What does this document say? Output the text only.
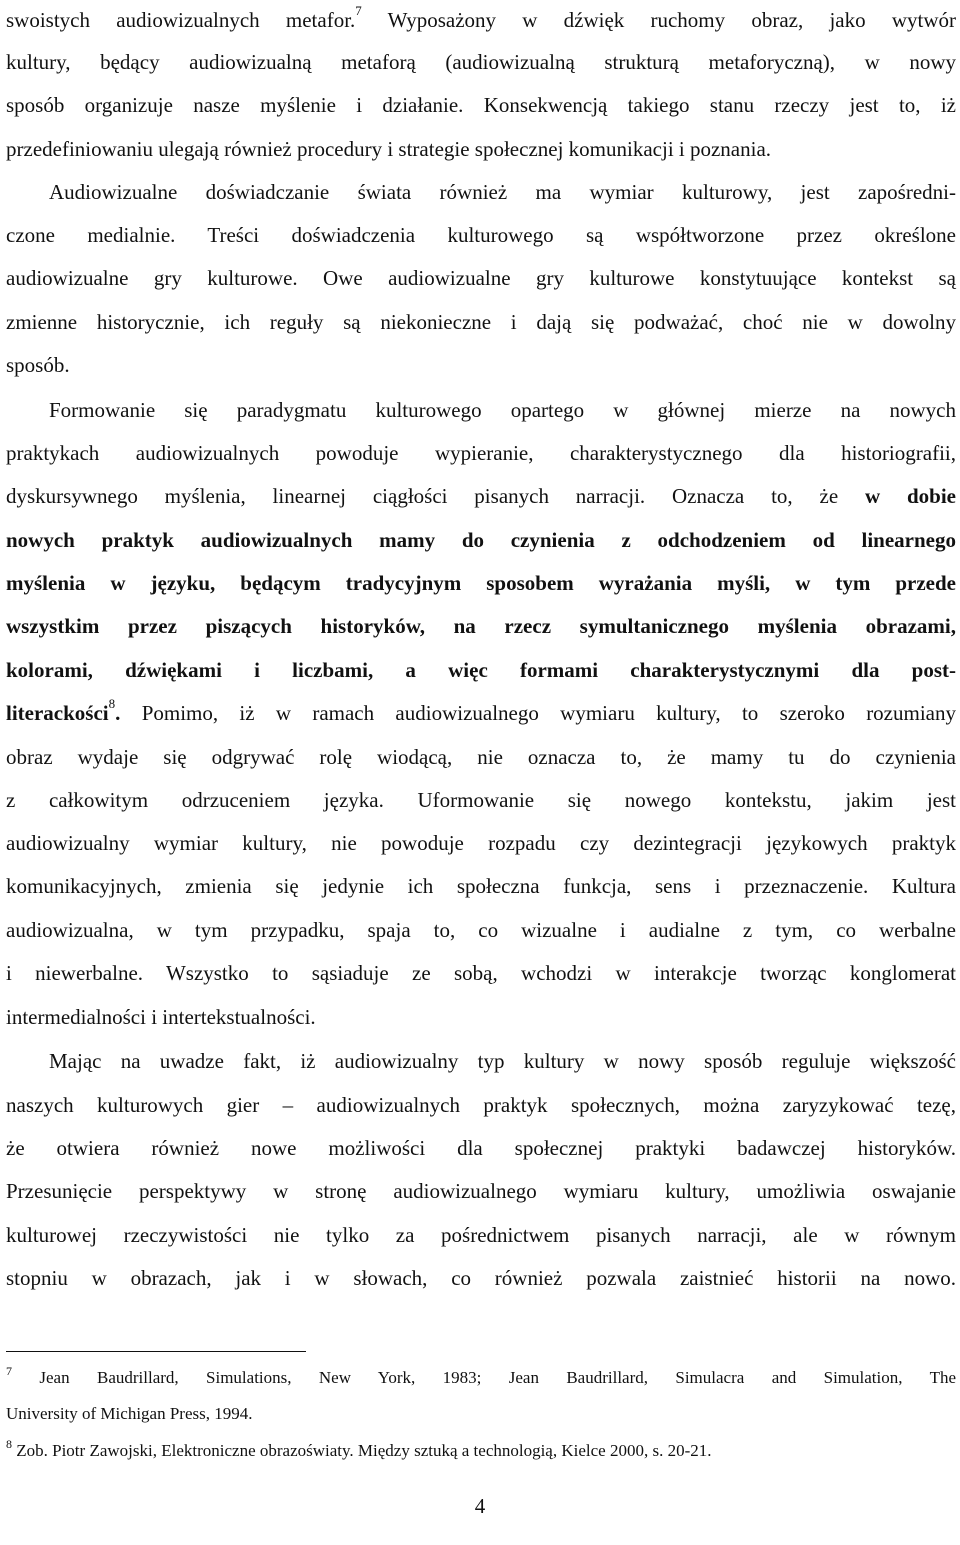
swoistych audiowizualnych metafor.$^7$ Wyposażony w dźwięk ruchomy obraz, jako wytwór
kultury, będący audiowizualną metaforą (audiowizualną strukturą metaforyczną), w nowy
sposób organizuje nasze myślenie i działanie. Konsekwencją takiego stanu rzeczy jest to, iż
przedefiniowaniu ulegają również procedury i strategie społecznej komunikacji i poznania.
Audiowizualne doświadczanie świata również ma wymiar kulturowy, jest zapośredni-
czone medialnie. Treści doświadczenia kulturowego są współtworzone przez określone
audiowizualne gry kulturowe. Owe audiowizualne gry kulturowe konstytuujące kontekst są
zmienne historycznie, ich reguły są niekonieczne i dają się podważać, choć nie w dowolny
sposób.
Formowanie się paradygmatu kulturowego opartego w głównej mierze na nowych
praktykach audiowizualnych powoduje wypieranie, charakterystycznego dla historiografii,
dyskursywnego myślenia, linearnej ciągłości pisanych narracji. Oznacza to, że w dobie
nowych praktyk audiowizualnych mamy do czynienia z odchodzeniem od linearnego
myślenia w języku, będącym tradycyjnym sposobem wyrażania myśli, w tym przede
wszystkim przez piszących historyków, na rzecz symultanicznego myślenia obrazami,
kolorami, dźwiękami i liczbami, a więc formami charakterystycznymi dla post-
literackości$^8$. Pomimo, iż w ramach audiowizualnego wymiaru kultury, to szeroko rozumiany
obraz wydaje się odgrywać rolę wiodącą, nie oznacza to, że mamy tu do czynienia
z całkowitym odrzuceniem języka. Uformowanie się nowego kontekstu, jakim jest
audiowizualny wymiar kultury, nie powoduje rozpadu czy dezintegracji językowych praktyk
komunikacyjnych, zmienia się jedynie ich społeczna funkcja, sens i przeznaczenie. Kultura
audiowizualna, w tym przypadku, spaja to, co wizualne i audialne z tym, co werbalne
i niewerbalne. Wszystko to sąsiaduje ze sobą, wchodzi w interakcje tworząc konglomerat
intermedialności i intertekstualności.
Mając na uwadze fakt, iż audiowizualny typ kultury w nowy sposób reguluje większość
naszych kulturowych gier – audiowizualnych praktyk społecznych, można zaryzykować tezę,
że otwiera również nowe możliwości dla społecznej praktyki badawczej historyków.
Przesunięcie perspektywy w stronę audiowizualnego wymiaru kultury, umożliwia oswajanie
kulturowej rzeczywistości nie tylko za pośrednictwem pisanych narracji, ale w równym
stopniu w obrazach, jak i w słowach, co również pozwala zaistnieć historii na nowo.
$^7$ Jean Baudrillard, Simulations, New York, 1983; Jean Baudrillard, Simulacra and Simulation, The
University of Michigan Press, 1994.
$^8$ Zob. Piotr Zawojski, Elektroniczne obrazoświaty. Między sztuką a technologią, Kielce 2000, s. 20-21.
4
